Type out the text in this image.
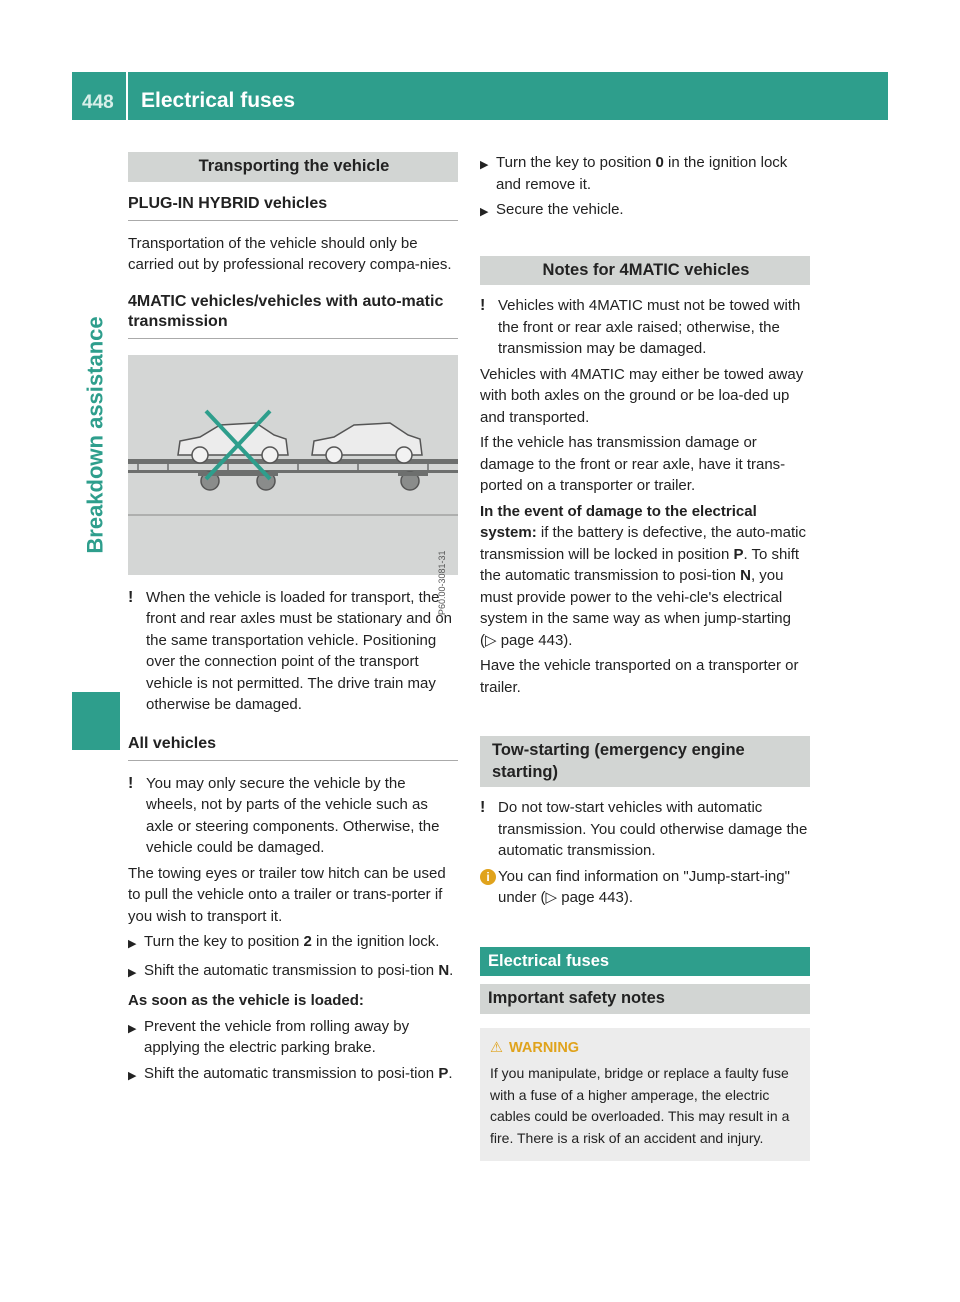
448 Electrical fuses
Breakdown assistance
Transporting the vehicle
PLUG-IN HYBRID vehicles

Transportation of the vehicle should only be carried out by professional recovery compa-nies.

4MATIC vehicles/vehicles with auto-matic transmission
P60.00-3081-31
! When the vehicle is loaded for transport, the front and rear axles must be stationary and on the same transportation vehicle. Positioning over the connection point of the transport vehicle is not permitted. The drive train may otherwise be damaged.
All vehicles
! You may only secure the vehicle by the wheels, not by parts of the vehicle such as axle or steering components. Otherwise, the vehicle could be damaged.

The towing eyes or trailer tow hitch can be used to pull the vehicle onto a trailer or trans-porter if you wish to transport it.

▶ Turn the key to position 2 in the ignition lock.
▶ Shift the automatic transmission to posi-tion N.

As soon as the vehicle is loaded:

▶ Prevent the vehicle from rolling away by applying the electric parking brake.
▶ Shift the automatic transmission to posi-tion P.
▶ Turn the key to position 0 in the ignition lock and remove it.
▶ Secure the vehicle.
Notes for 4MATIC vehicles
! Vehicles with 4MATIC must not be towed with the front or rear axle raised; otherwise, the transmission may be damaged.

Vehicles with 4MATIC may either be towed away with both axles on the ground or be loa-ded up and transported.

If the vehicle has transmission damage or damage to the front or rear axle, have it trans-ported on a transporter or trailer.

In the event of damage to the electrical system: if the battery is defective, the auto-matic transmission will be locked in position P. To shift the automatic transmission to posi-tion N, you must provide power to the vehi-cle's electrical system in the same way as when jump-starting (▷ page 443).

Have the vehicle transported on a transporter or trailer.

Tow-starting (emergency engine starting)
! Do not tow-start vehicles with automatic transmission. You could otherwise damage the automatic transmission.
i You can find information on "Jump-start-ing" under (▷ page 443).
Electrical fuses
Important safety notes
⚠ WARNING

If you manipulate, bridge or replace a faulty fuse with a fuse of a higher amperage, the electric cables could be overloaded. This may result in a fire. There is a risk of an accident and injury.
